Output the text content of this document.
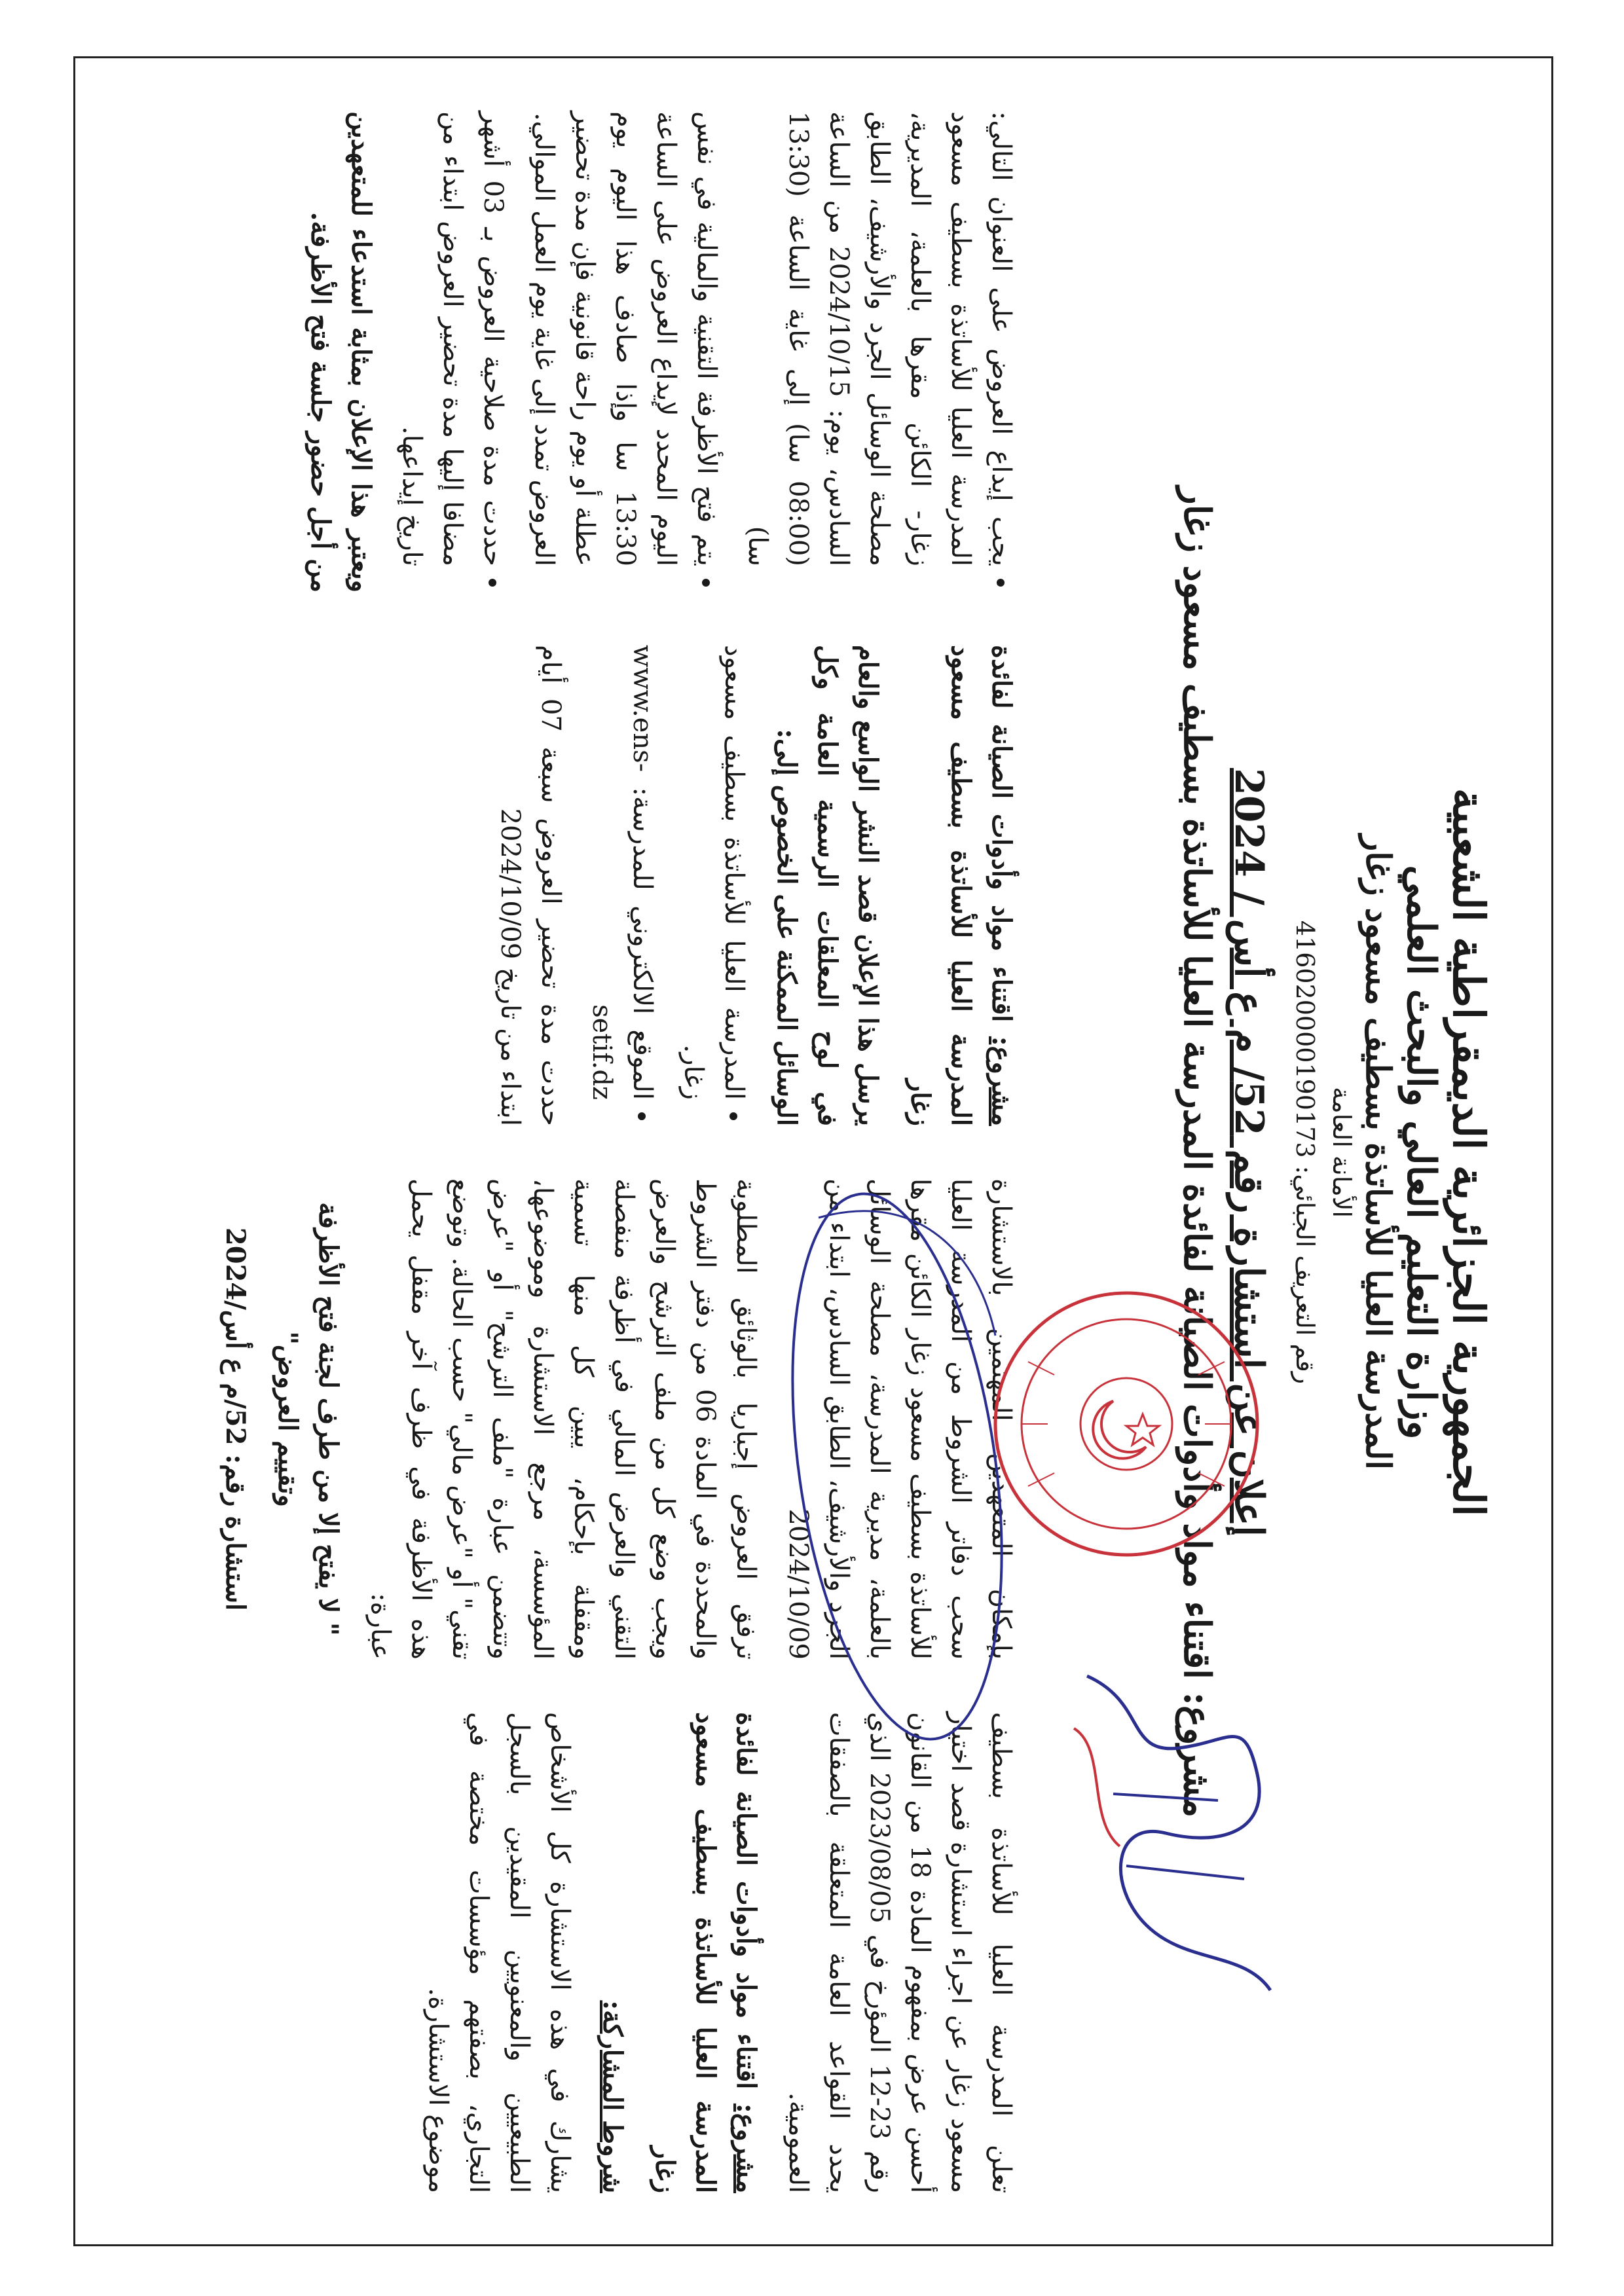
الجمهورية الجزائرية الديمقراطية الشعبية

وزارة التعليم العالي والبحث العلمي

المدرسة العليا للأساتذة بسطيف مسعود زغار

الأمانة العامة

رقم التعريف الجبائي: 416020000190173

إعلان عن استشارة رقم 52/ م ع أس / 2024
مشروع: اقتناء مواد وأدوات الصيانة لفائدة المدرسة العليا للأساتذة بسطيف مسعود زغار

تعلن المدرسة العليا للأساتذة بسطيف مسعود زغار عن اجراء استشارة قصد اختيار أحسن عرض بمفهوم المادة 18 من القانون رقم 23-12 المؤرخ في 2023/08/05 الذي يحدد القواعد العامة المتعلقة بالصفقات العمومية.

مشروع: اقتناء مواد وأدوات الصيانة لفائدة المدرسة العليا للأساتذة بسطيف مسعود زغار

شروط المشاركة:

يشارك في هذه الاستشارة كل الأشخاص الطبيعيين والمعنويين المقيدين بالسجل التجاري، بصفتهم مؤسسات مختصة في موضوع الاستشارة.

بإمكان المتعهدين المهتمين بالاستشارة سحب دفاتر الشروط من المدرسة العليا للأساتذة بسطيف مسعود زغار الكائن مقرها بالعلمة، مديرية المدرسة، مصلحة الوسائل الجرد والأرشيف، الطابق السادس، ابتداء من 2024/10/09

ترفق العروض إجباريا بالوثائق المطلوبة والمحددة في المادة 06 من دفتر الشروط ويجب وضع كل من ملف الترشح والعرض التقني والعرض المالي في أظرفة منفصلة ومقفلة بإحكام، يبين كل منها تسمية المؤسسة، مرجع الاستشارة وموضوعها، وتتضمن عبارة "ملف الترشح" أو "عرض تقني" أو "عرض مالي" حسب الحالة. وتوضع هذه الأظرفة في ظرف آخر مقفل يحمل عبارة:

" لا يفتح إلا من طرف لجنة فتح الأظرفة وتقييم العروض"

استشارة رقم: 52/م ع أس/2024

مشروع: اقتناء مواد وأدوات الصيانة لفائدة المدرسة العليا للأساتذة بسطيف مسعود زغار

يرسل هذا الإعلان قصد النشر الواسع والعام في لوح المعلقات الرسمية العامة وكل الوسائل الممكنة على الخصوص إلى:

• المدرسة العليا للأساتذة بسطيف مسعود زغار.
• الموقع الالكتروني للمدرسة: www.ens-setif.dz

حددت مدة تحضير العروض سبعة 07 أيام ابتداء من تاريخ 2024/10/09

• يجب إيداع العروض على العنوان التالي: المدرسة العليا للأساتذة بسطيف مسعود زغار- الكائن مقرها بالعلمة، المديرية، مصلحة الوسائل الجرد والأرشيف، الطابق السادس، يوم: 2024/10/15 من الساعة (08:00 سا) إلى غاية الساعة (13:30 سا)
• يتم فتح الأظرفة التقنية والمالية في نفس اليوم المحدد لإيداع العروض على الساعة 13:30 سا وإذا صادف هذا اليوم يوم عطلة أو يوم راحة قانونية فإن مدة تحضير العروض تمدد إلى غاية يوم العمل الموالي.
• حددت مدة صلاحية العروض بـ 03 أشهر مضافا إليها مدة تحضير العروض ابتداء من تاريخ إيداعها.

ويعتبر هذا الإعلان بمثابة استدعاء للمتعهدين من أجل حضور جلسة فتح الأظرفة.
